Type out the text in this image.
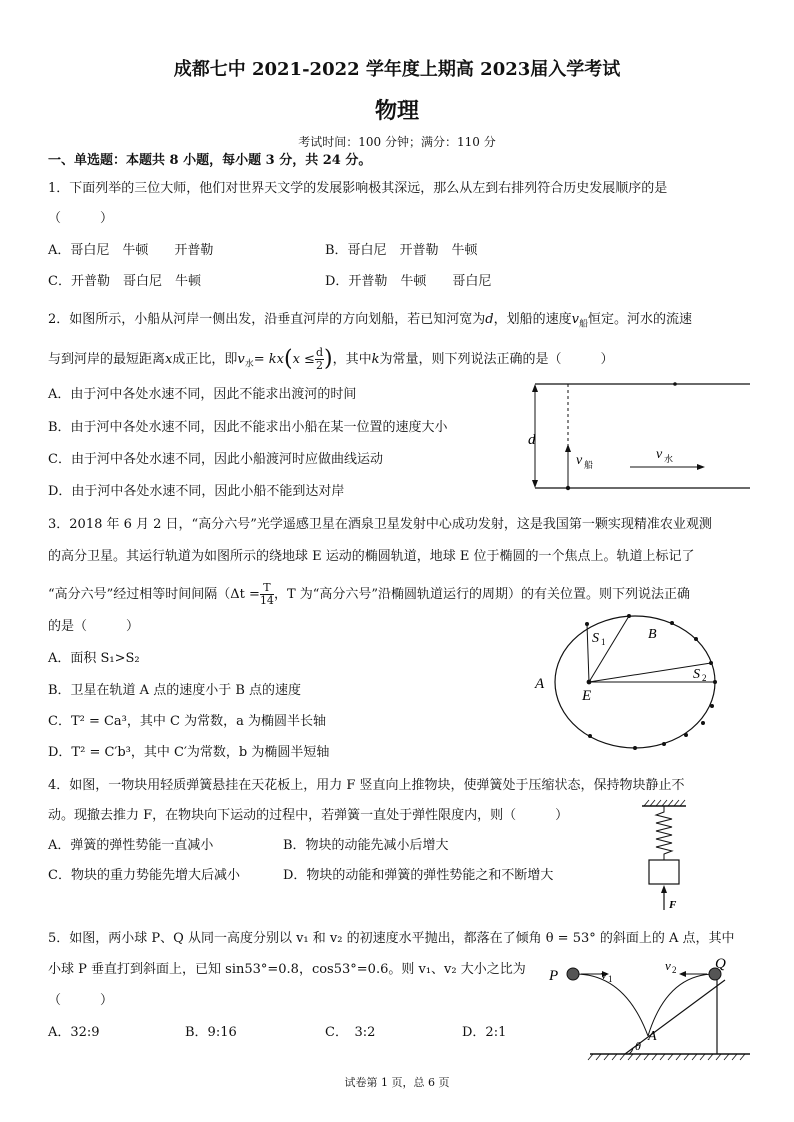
成都七中 2021-2022 学年度上期高 2023届入学考试
物理
考试时间：100 分钟；满分：110 分
一、单选题：本题共 8 小题，每小题 3 分，共 24 分。
1．下面列举的三位大师，他们对世界天文学的发展影响极其深远，那么从左到右排列符合历史发展顺序的是
（　　　）
A．哥白尼　牛顿　　开普勒	B．哥白尼　开普勒　牛顿
C．开普勒　哥白尼　牛顿	D．开普勒　牛顿　　哥白尼
2．如图所示，小船从河岸一侧出发，沿垂直河岸的方向划船，若已知河宽为d，划船的速度$v_船$恒定。河水的流速
与到河岸的最短距离x成正比，即$v_水= kx(x \le \frac{d}{2}$ )，其中k为常量，则下列说法正确的是（　　　）
A．由于河中各处水速不同，因此不能求出渡河的时间
B．由于河中各处水速不同，因此不能求出小船在某一位置的速度大小
C．由于河中各处水速不同，因此小船渡河时应做曲线运动
D．由于河中各处水速不同，因此小船不能到达对岸
d
v 船
v 水
3．2018 年 6 月 2 日，“高分六号”光学遥感卫星在酒泉卫星发射中心成功发射，这是我国第一颗实现精准农业观测
的高分卫星。其运行轨道为如图所示的绕地球 E 运动的椭圆轨道，地球 E 位于椭圆的一个焦点上。轨道上标记了
“高分六号”经过相等时间间隔（$\Delta t = \frac{T}{14}$ ，T 为“高分六号”沿椭圆轨道运行的周期）的有关位置。则下列说法正确
的是（　　　）
A．面积 S₁>S₂
B．卫星在轨道 A 点的速度小于 B 点的速度
C．T² = Ca³，其中 C 为常数，a 为椭圆半长轴
D．T² = C′b³，其中 C′为常数，b 为椭圆半短轴
A
E
B
S 1
S 2
4．如图，一物块用轻质弹簧悬挂在天花板上，用力 F 竖直向上推物块，使弹簧处于压缩状态，保持物块静止不
动。现撤去推力 F，在物块向下运动的过程中，若弹簧一直处于弹性限度内，则（　　　）
A．弹簧的弹性势能一直减小	B．物块的动能先减小后增大
C．物块的重力势能先增大后减小	D．物块的动能和弹簧的弹性势能之和不断增大
F
5．如图，两小球 P、Q 从同一高度分别以 v₁ 和 v₂ 的初速度水平抛出，都落在了倾角 θ = 53° 的斜面上的 A 点，其中
小球 P 垂直打到斜面上，已知 sin53°=0.8，cos53°=0.6。则 v₁、v₂ 大小之比为
（　　　）
A．32:9	B．9:16	C．　3:2	D．2:1
P	v 1
v 2	Q
A
θ
试卷第 1 页，总 6 页
